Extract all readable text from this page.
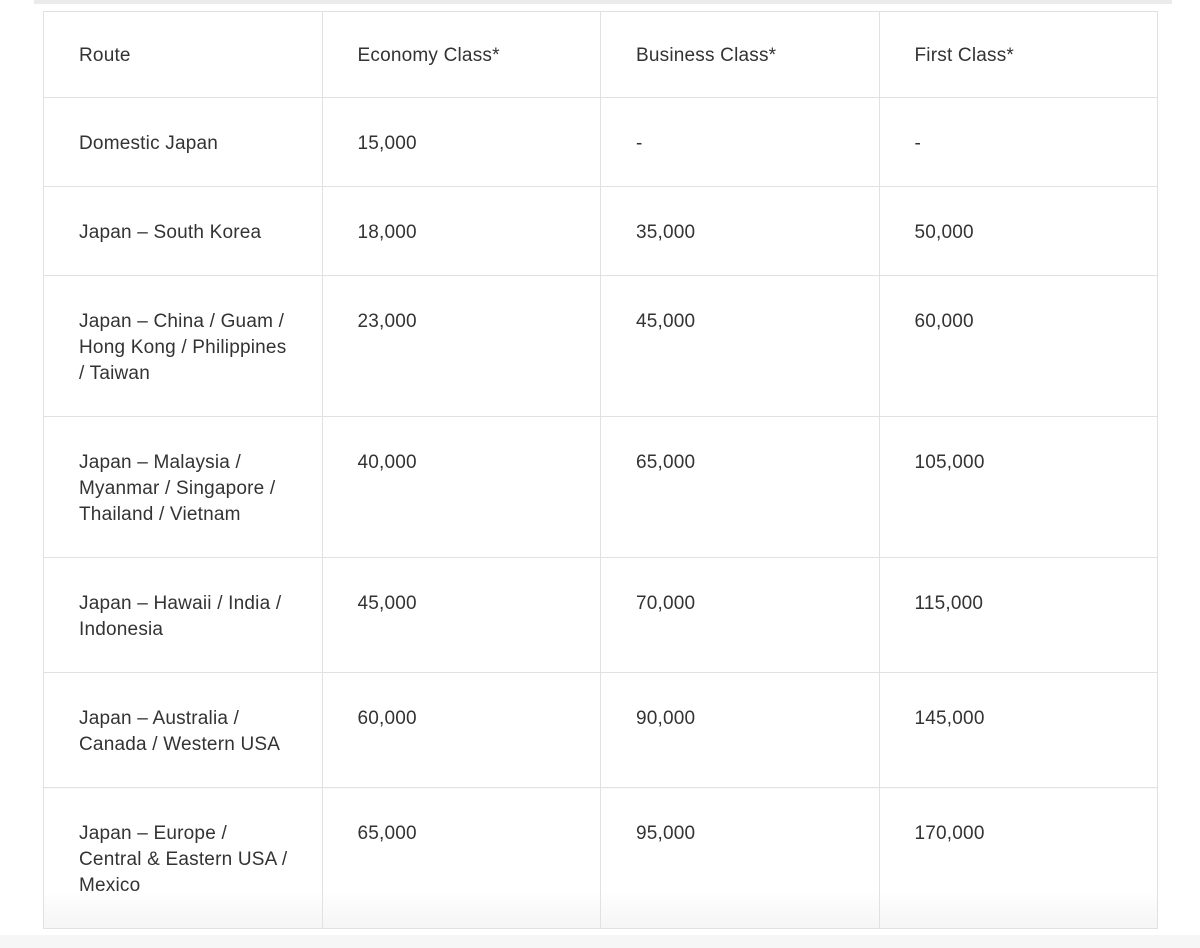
Route	Economy Class*	Business Class*	First Class*
Domestic Japan	15,000	-	-
Japan – South Korea	18,000	35,000	50,000
Japan – China / Guam / Hong Kong / Philippines / Taiwan	23,000	45,000	60,000
Japan – Malaysia / Myanmar / Singapore / Thailand / Vietnam	40,000	65,000	105,000
Japan – Hawaii / India / Indonesia	45,000	70,000	115,000
Japan – Australia / Canada / Western USA	60,000	90,000	145,000
Japan – Europe / Central & Eastern USA / Mexico	65,000	95,000	170,000
